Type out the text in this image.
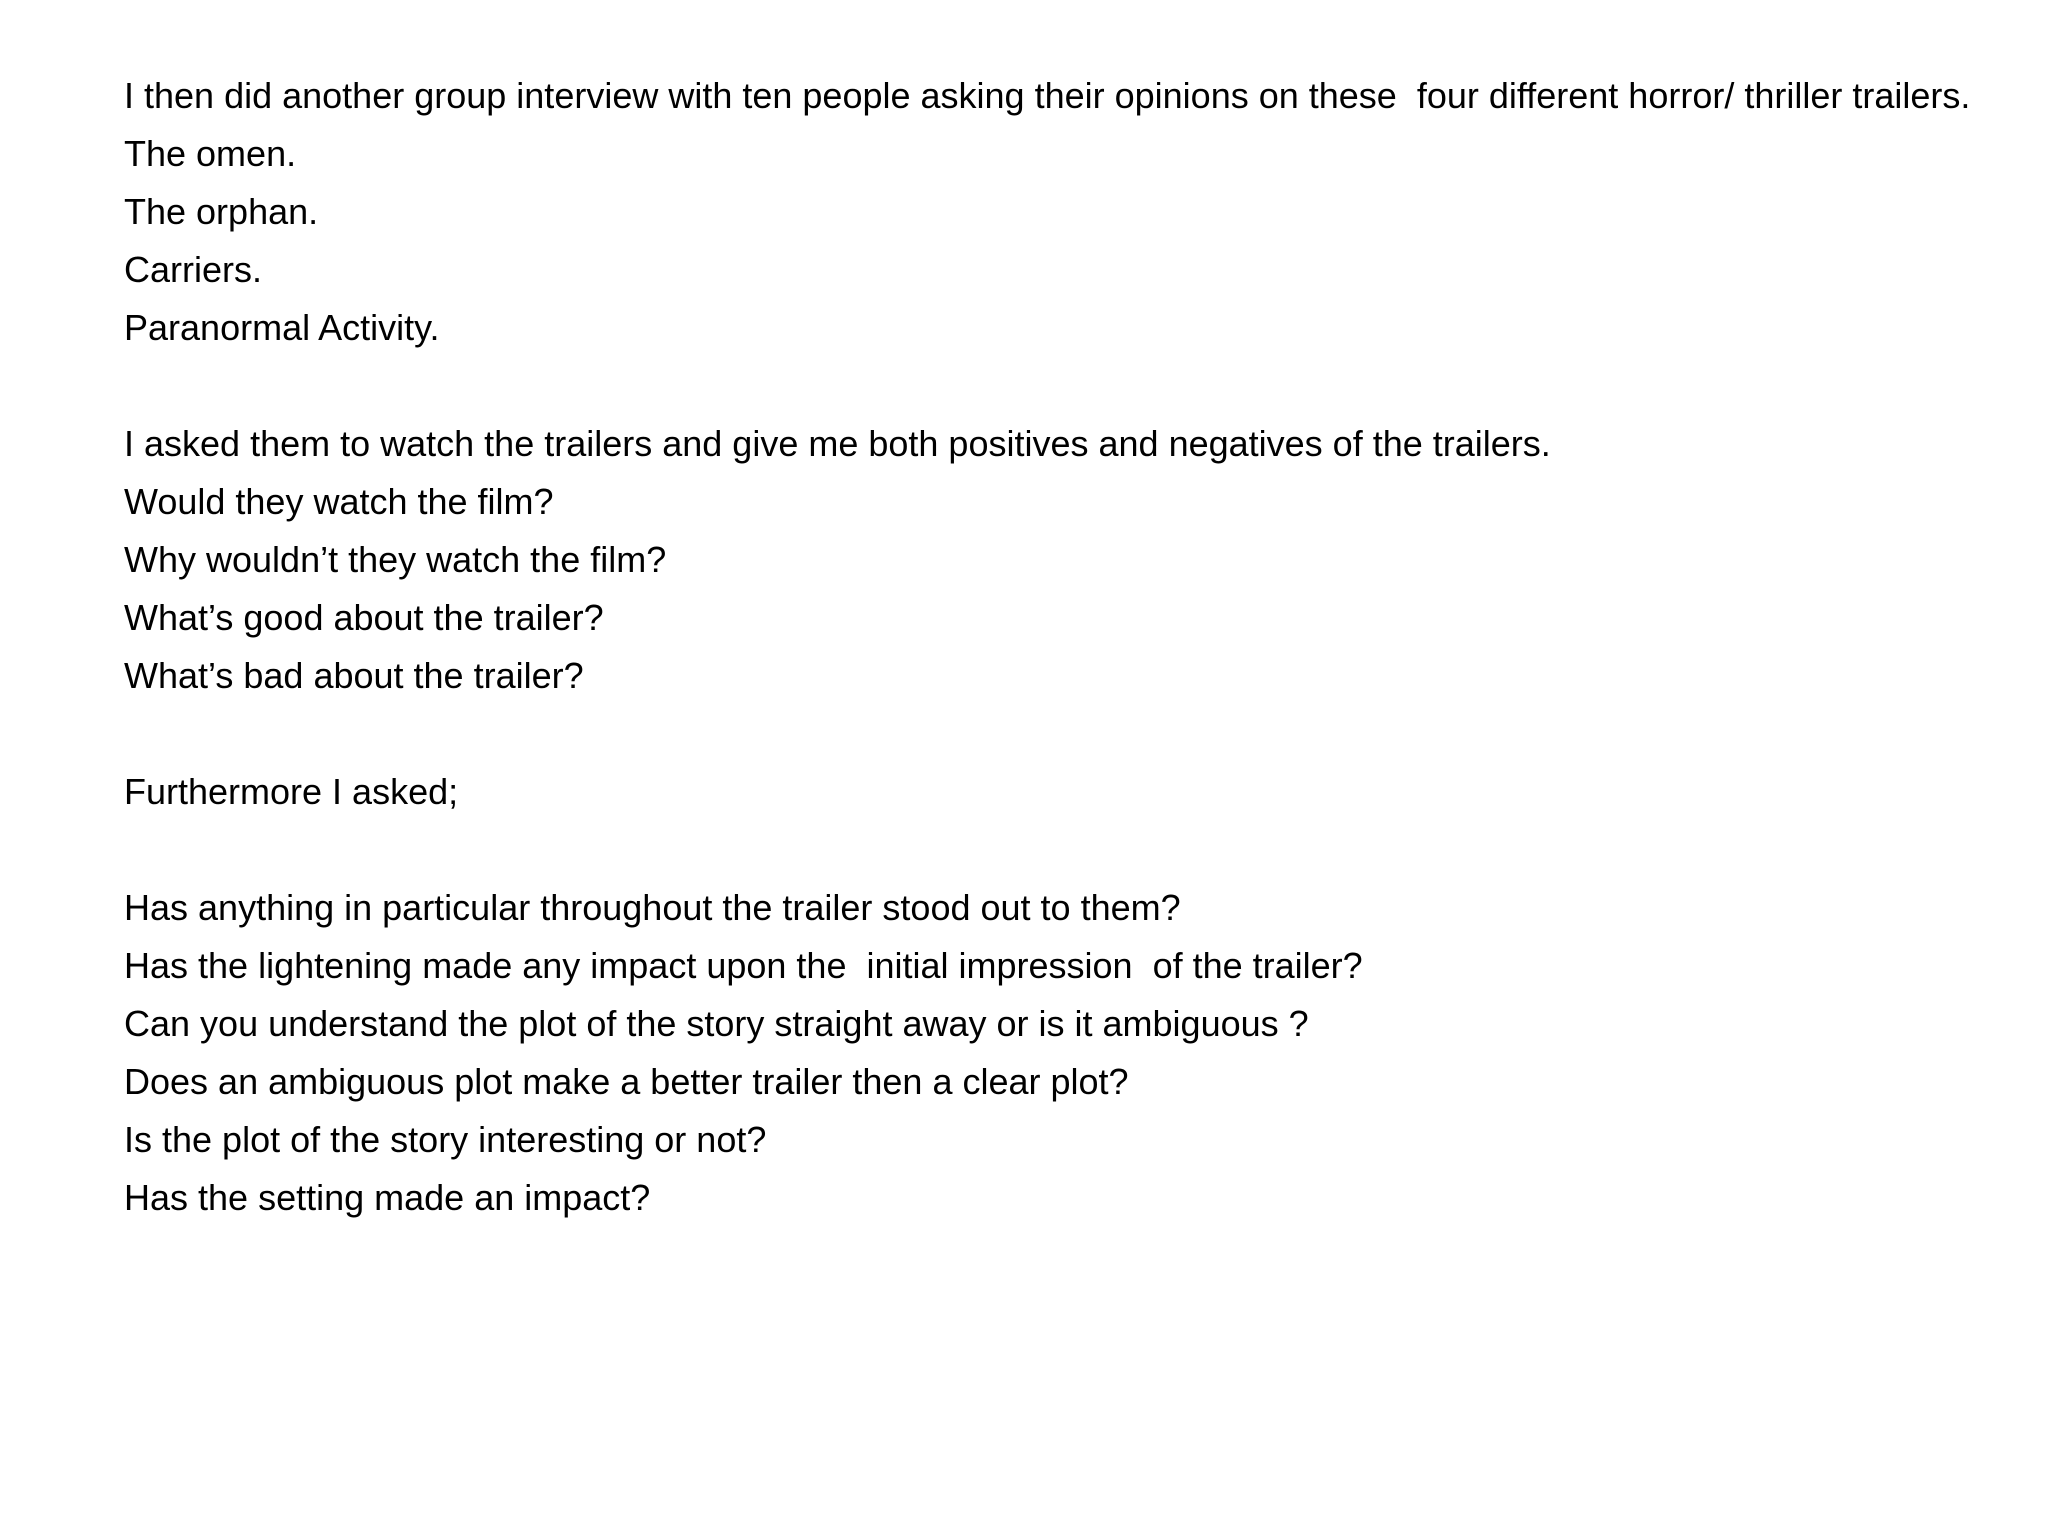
I then did another group interview with ten people asking their opinions on these  four different horror/ thriller trailers.

The omen.

The orphan.

Carriers.

Paranormal Activity.

I asked them to watch the trailers and give me both positives and negatives of the trailers.

Would they watch the film?

Why wouldn’t they watch the film?

What’s good about the trailer?

What’s bad about the trailer?

Furthermore I asked;

Has anything in particular throughout the trailer stood out to them?

Has the lightening made any impact upon the  initial impression  of the trailer?

Can you understand the plot of the story straight away or is it ambiguous ?

Does an ambiguous plot make a better trailer then a clear plot?

Is the plot of the story interesting or not?

Has the setting made an impact?
